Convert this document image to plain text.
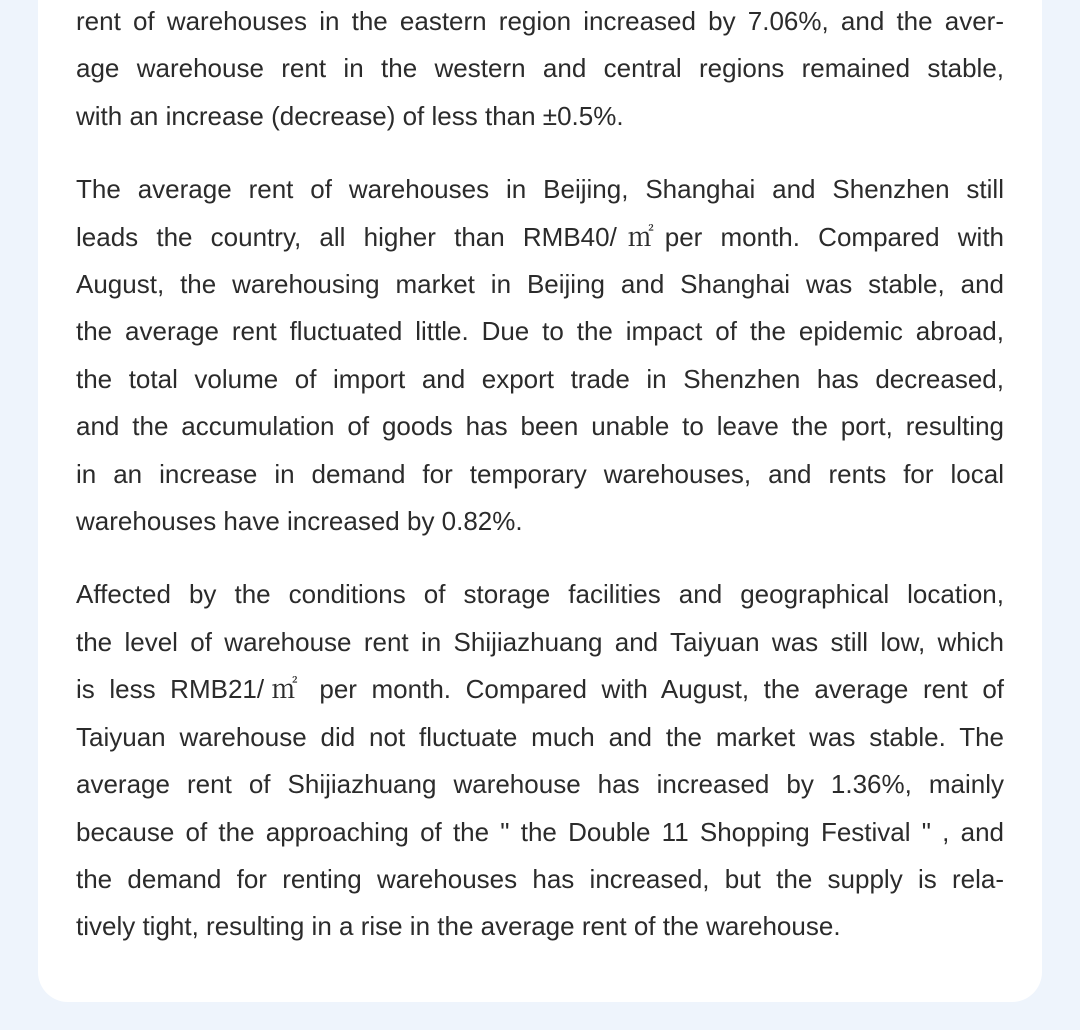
rent of warehouses in the eastern region increased by 7.06%, and the aver-
age warehouse rent in the western and central regions remained stable,
with an increase (decrease) of less than ±0.5%.

The average rent of warehouses in Beijing, Shanghai and Shenzhen still
leads the country, all higher than RMB40/㎡per month. Compared with
August, the warehousing market in Beijing and Shanghai was stable, and
the average rent fluctuated little. Due to the impact of the epidemic abroad,
the total volume of import and export trade in Shenzhen has decreased,
and the accumulation of goods has been unable to leave the port, resulting
in an increase in demand for temporary warehouses, and rents for local
warehouses have increased by 0.82%.

Affected by the conditions of storage facilities and geographical location,
the level of warehouse rent in Shijiazhuang and Taiyuan was still low, which
is less RMB21/㎡ per month. Compared with August, the average rent of
Taiyuan warehouse did not fluctuate much and the market was stable. The
average rent of Shijiazhuang warehouse has increased by 1.36%, mainly
because of the approaching of the " the Double 11 Shopping Festival " , and
the demand for renting warehouses has increased, but the supply is rela-
tively tight, resulting in a rise in the average rent of the warehouse.
